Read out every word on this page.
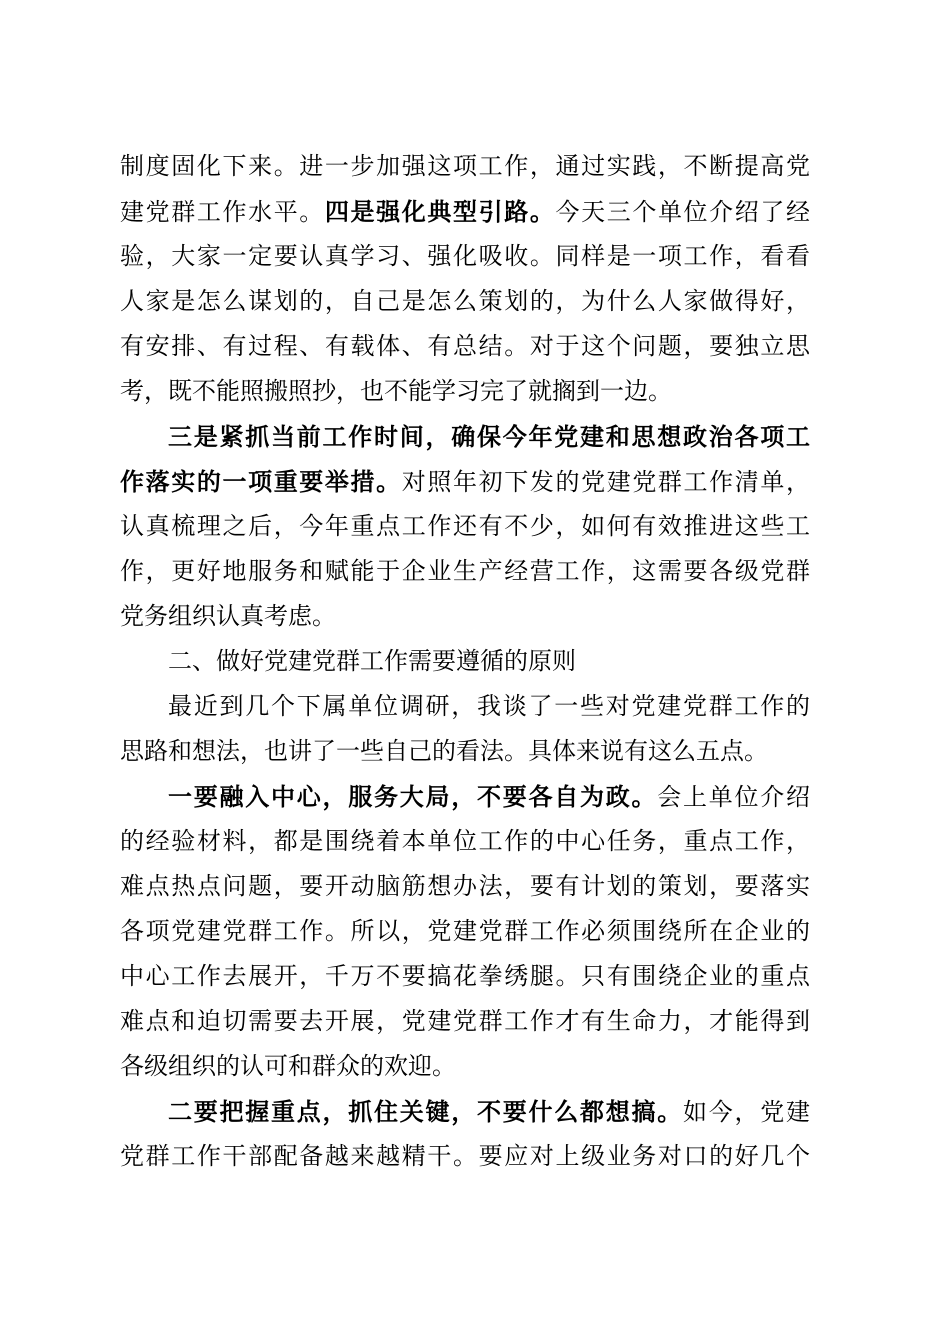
制度固化下来。进一步加强这项工作，通过实践，不断提高党
建党群工作水平。四是强化典型引路。今天三个单位介绍了经
验，大家一定要认真学习、强化吸收。同样是一项工作，看看
人家是怎么谋划的，自己是怎么策划的，为什么人家做得好，
有安排、有过程、有载体、有总结。对于这个问题，要独立思
考，既不能照搬照抄，也不能学习完了就搁到一边。
三是紧抓当前工作时间，确保今年党建和思想政治各项工
作落实的一项重要举措。对照年初下发的党建党群工作清单，
认真梳理之后，今年重点工作还有不少，如何有效推进这些工
作，更好地服务和赋能于企业生产经营工作，这需要各级党群
党务组织认真考虑。
二、做好党建党群工作需要遵循的原则
最近到几个下属单位调研，我谈了一些对党建党群工作的
思路和想法，也讲了一些自己的看法。具体来说有这么五点。
一要融入中心，服务大局，不要各自为政。会上单位介绍
的经验材料，都是围绕着本单位工作的中心任务，重点工作，
难点热点问题，要开动脑筋想办法，要有计划的策划，要落实
各项党建党群工作。所以，党建党群工作必须围绕所在企业的
中心工作去展开，千万不要搞花拳绣腿。只有围绕企业的重点
难点和迫切需要去开展，党建党群工作才有生命力，才能得到
各级组织的认可和群众的欢迎。
二要把握重点，抓住关键，不要什么都想搞。如今，党建
党群工作干部配备越来越精干。要应对上级业务对口的好几个
